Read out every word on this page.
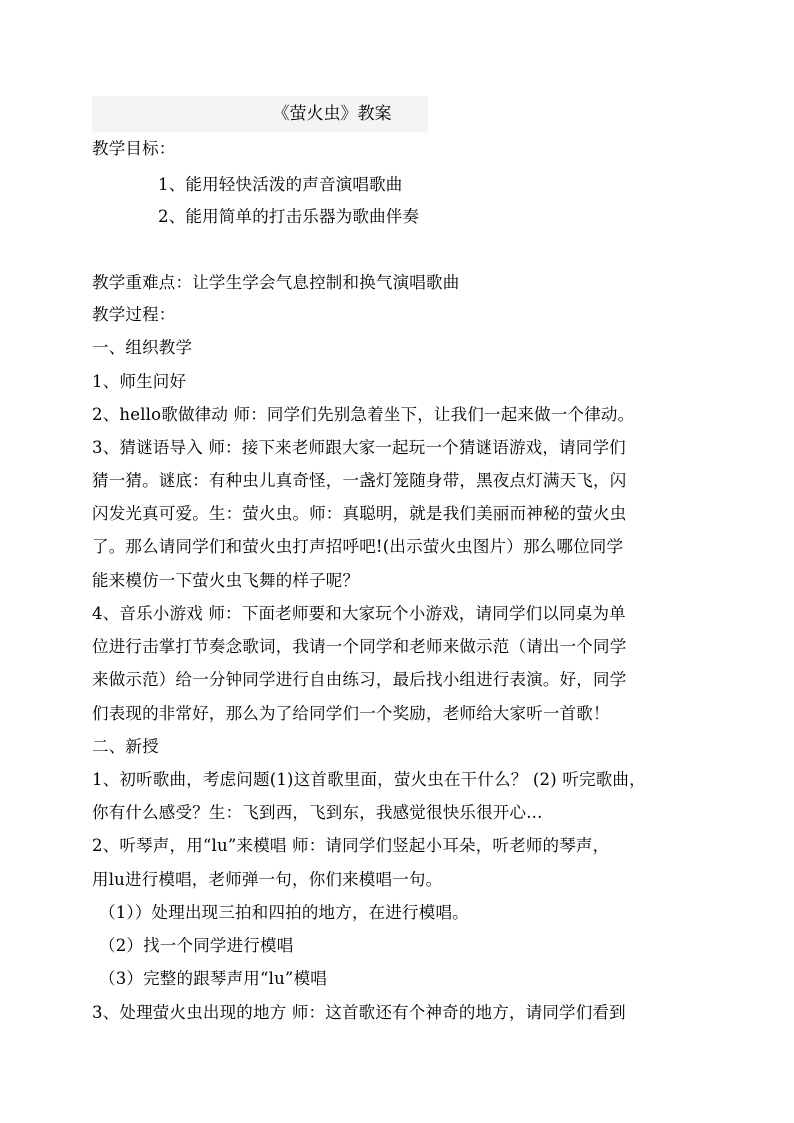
《萤火虫》教案
教学目标：
1、能用轻快活泼的声音演唱歌曲
2、能用简单的打击乐器为歌曲伴奏
教学重难点：让学生学会气息控制和换气演唱歌曲
教学过程：
一、组织教学
1、师生问好
2、hello歌做律动 师：同学们先别急着坐下，让我们一起来做一个律动。
3、猜谜语导入 师：接下来老师跟大家一起玩一个猜谜语游戏，请同学们
猜一猜。谜底：有种虫儿真奇怪，一盏灯笼随身带，黑夜点灯满天飞，闪
闪发光真可爱。生：萤火虫。师：真聪明，就是我们美丽而神秘的萤火虫
了。那么请同学们和萤火虫打声招呼吧!(出示萤火虫图片）那么哪位同学
能来模仿一下萤火虫飞舞的样子呢？
4、音乐小游戏 师：下面老师要和大家玩个小游戏，请同学们以同桌为单
位进行击掌打节奏念歌词，我请一个同学和老师来做示范（请出一个同学
来做示范）给一分钟同学进行自由练习，最后找小组进行表演。好，同学
们表现的非常好，那么为了给同学们一个奖励，老师给大家听一首歌！
二、新授
1、初听歌曲，考虑问题(1)这首歌里面，萤火虫在干什么？ (2) 听完歌曲，
你有什么感受？生：飞到西，飞到东，我感觉很快乐很开心...
2、听琴声，用“lu”来模唱 师：请同学们竖起小耳朵，听老师的琴声，
用lu进行模唱，老师弹一句，你们来模唱一句。
（1））处理出现三拍和四拍的地方，在进行模唱。
（2）找一个同学进行模唱
（3）完整的跟琴声用“lu”模唱
3、处理萤火虫出现的地方 师：这首歌还有个神奇的地方，请同学们看到
